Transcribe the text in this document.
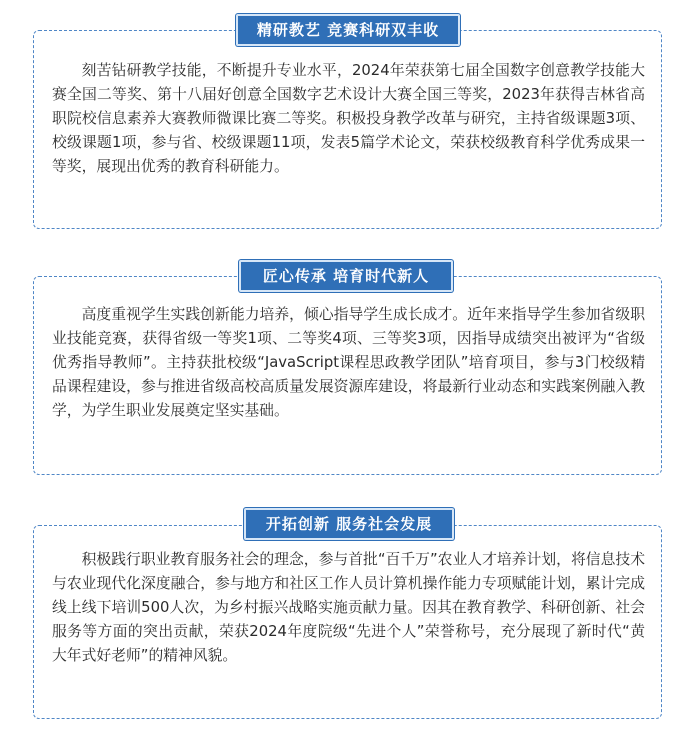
刻苦钻研教学技能，不断提升专业水平，2024年荣获第七届全国数字创意教学技能大赛全国二等奖、第十八届好创意全国数字艺术设计大赛全国三等奖，2023年获得吉林省高职院校信息素养大赛教师微课比赛二等奖。积极投身教学改革与研究，主持省级课题3项、校级课题1项，参与省、校级课题11项，发表5篇学术论文，荣获校级教育科学优秀成果一等奖，展现出优秀的教育科研能力。

精研教艺 竞赛科研双丰收

高度重视学生实践创新能力培养，倾心指导学生成长成才。近年来指导学生参加省级职业技能竞赛，获得省级一等奖1项、二等奖4项、三等奖3项，因指导成绩突出被评为“省级优秀指导教师”。主持获批校级“JavaScript课程思政教学团队”培育项目，参与3门校级精品课程建设，参与推进省级高校高质量发展资源库建设，将最新行业动态和实践案例融入教学，为学生职业发展奠定坚实基础。

匠心传承 培育时代新人

积极践行职业教育服务社会的理念，参与首批“百千万”农业人才培养计划，将信息技术与农业现代化深度融合，参与地方和社区工作人员计算机操作能力专项赋能计划，累计完成线上线下培训500人次，为乡村振兴战略实施贡献力量。因其在教育教学、科研创新、社会服务等方面的突出贡献，荣获2024年度院级“先进个人”荣誉称号，充分展现了新时代“黄大年式好老师”的精神风貌。

开拓创新 服务社会发展
